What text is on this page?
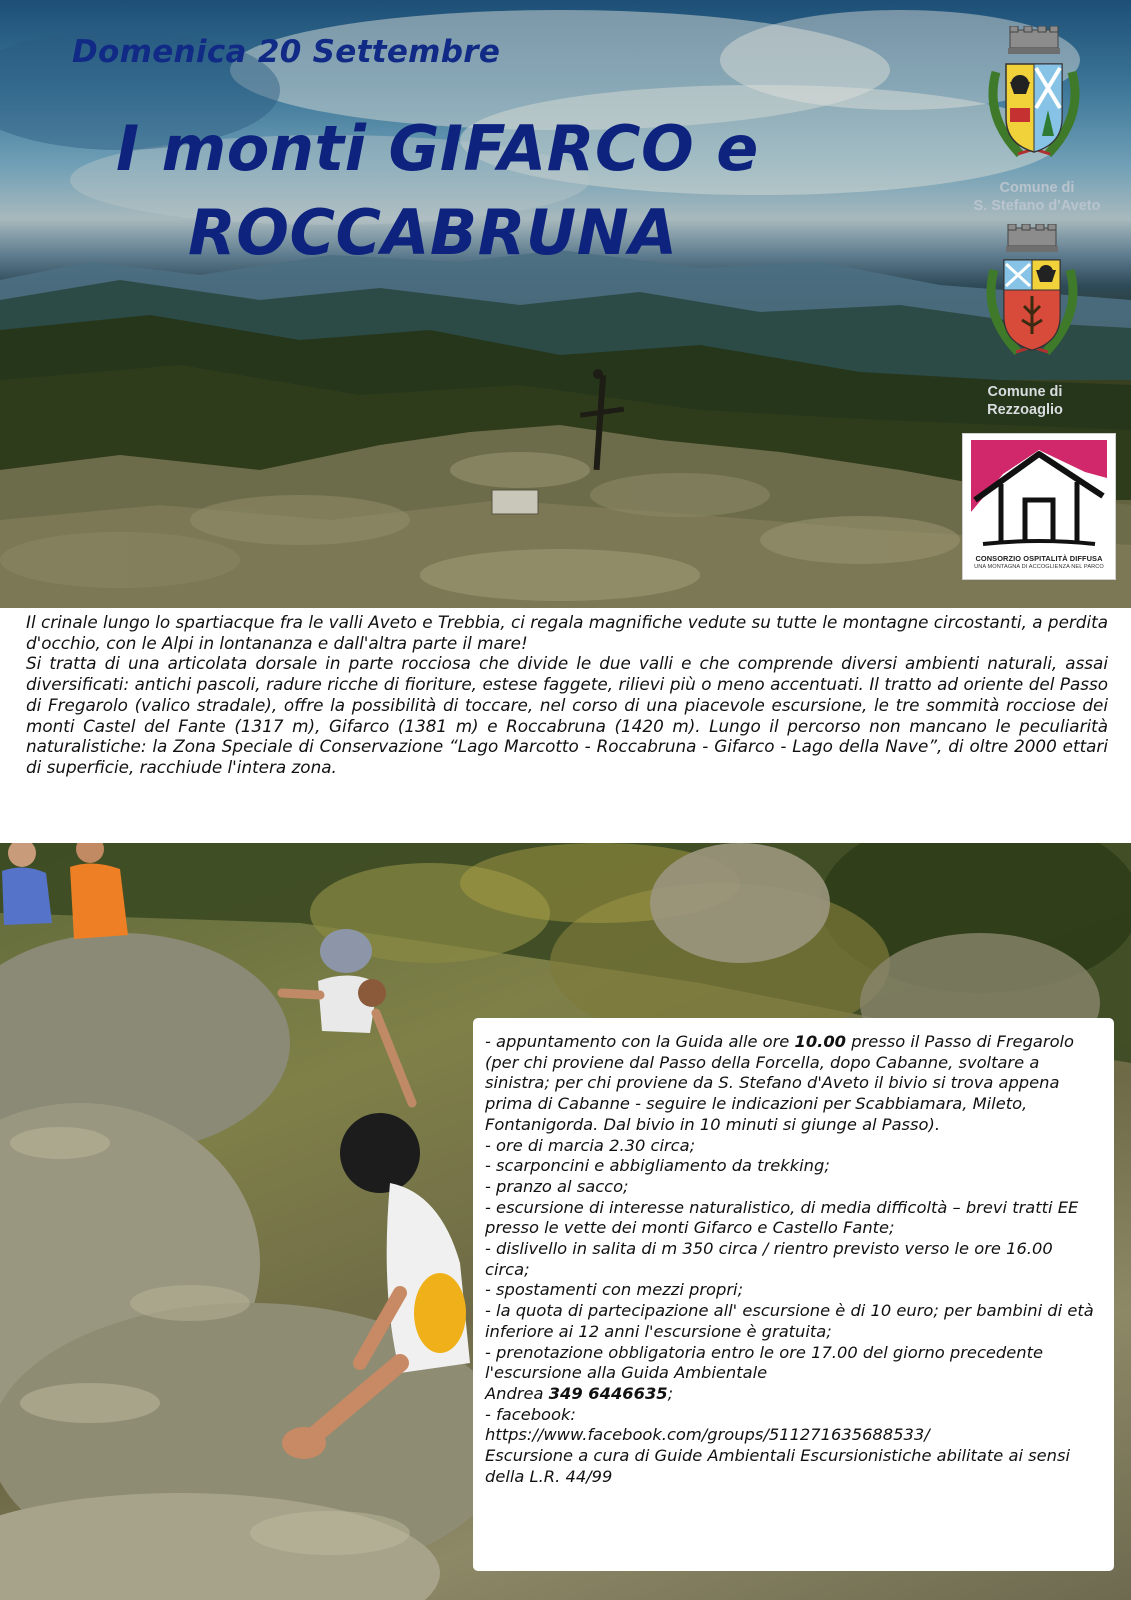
Domenica 20 Settembre
I monti GIFARCO e
ROCCABRUNA
Comune di
S. Stefano d'Aveto
Comune di
Rezzoaglio
CONSORZIO OSPITALITÀ DIFFUSA
UNA MONTAGNA DI ACCOGLIENZA NEL PARCO

Il crinale lungo lo spartiacque fra le valli Aveto e Trebbia, ci regala magnifiche vedute su tutte le montagne circostanti, a perdita d'occhio, con le Alpi in lontananza e dall'altra parte il mare!

Si tratta di una articolata dorsale in parte rocciosa che divide le due valli e che comprende diversi ambienti naturali, assai diversificati: antichi pascoli, radure ricche di fioriture, estese faggete, rilievi più o meno accentuati. Il tratto ad oriente del Passo di Fregarolo (valico stradale), offre la possibilità di toccare, nel corso di una piacevole escursione, le tre sommità rocciose dei monti Castel del Fante (1317 m), Gifarco (1381 m) e Roccabruna (1420 m). Lungo il percorso non mancano le peculiarità naturalistiche: la Zona Speciale di Conservazione “Lago Marcotto - Roccabruna - Gifarco - Lago della Nave”, di oltre 2000 ettari di superficie, racchiude l'intera zona.

- appuntamento con la Guida alle ore 10.00 presso il Passo di Fregarolo (per chi proviene dal Passo della Forcella, dopo Cabanne, svoltare a sinistra; per chi proviene da S. Stefano d'Aveto il bivio si trova appena prima di Cabanne - seguire le indicazioni per Scabbiamara, Mileto, Fontanigorda. Dal bivio in 10 minuti si giunge al Passo).

- ore di marcia 2.30 circa;

- scarponcini e abbigliamento da trekking;

- pranzo al sacco;

- escursione di interesse naturalistico, di media difficoltà – brevi tratti EE presso le vette dei monti Gifarco e Castello Fante;

- dislivello in salita di m 350 circa / rientro previsto verso le ore 16.00 circa;

- spostamenti con mezzi propri;

- la quota di partecipazione all' escursione è di 10 euro; per bambini di età inferiore ai 12 anni l'escursione è gratuita;

- prenotazione obbligatoria entro le ore 17.00 del giorno precedente l'escursione alla Guida Ambientale

Andrea 349 6446635;

- facebook:

https://www.facebook.com/groups/511271635688533/

Escursione a cura di Guide Ambientali Escursionistiche abilitate ai sensi della L.R. 44/99
